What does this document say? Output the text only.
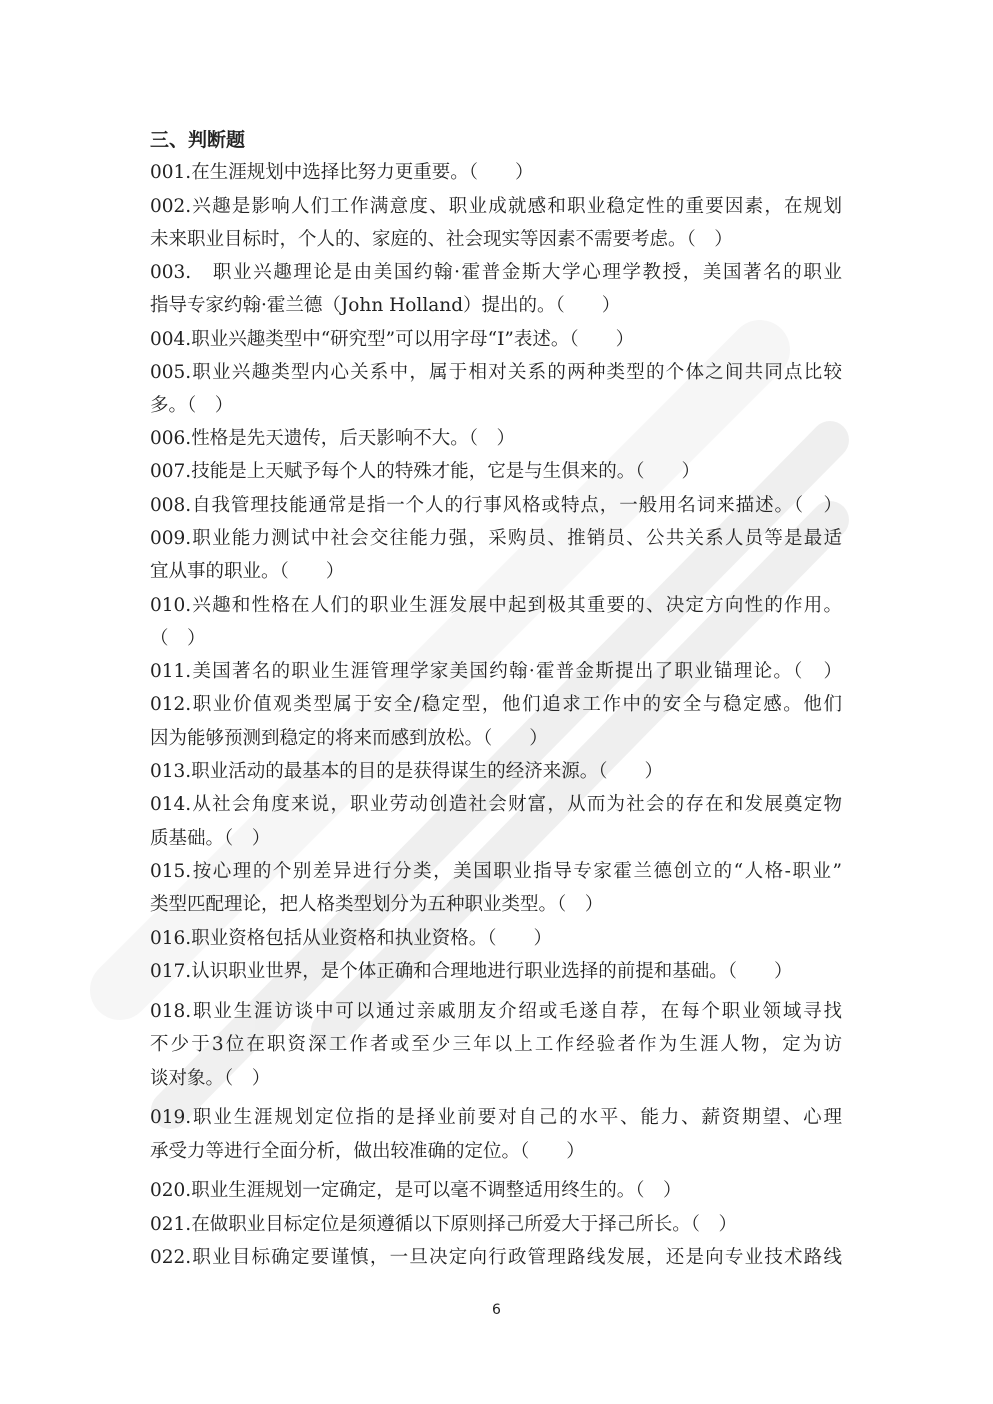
三、判断题
001.在生涯规划中选择比努力更重要。（　　）
002.兴趣是影响人们工作满意度、职业成就感和职业稳定性的重要因素，在规划
未来职业目标时，个人的、家庭的、社会现实等因素不需要考虑。（　）
003.　职业兴趣理论是由美国约翰·霍普金斯大学心理学教授，美国著名的职业
指导专家约翰·霍兰德（John Holland）提出的。（　　）
004.职业兴趣类型中“研究型”可以用字母“I”表述。（　　）
005.职业兴趣类型内心关系中，属于相对关系的两种类型的个体之间共同点比较
多。（　）
006.性格是先天遗传，后天影响不大。（　）
007.技能是上天赋予每个人的特殊才能，它是与生俱来的。（　　）
008.自我管理技能通常是指一个人的行事风格或特点，一般用名词来描述。（　）
009.职业能力测试中社会交往能力强，采购员、推销员、公共关系人员等是最适
宜从事的职业。（　　）
010.兴趣和性格在人们的职业生涯发展中起到极其重要的、决定方向性的作用。
（　）
011.美国著名的职业生涯管理学家美国约翰·霍普金斯提出了职业锚理论。（　）
012.职业价值观类型属于安全/稳定型，他们追求工作中的安全与稳定感。他们
因为能够预测到稳定的将来而感到放松。（　　）
013.职业活动的最基本的目的是获得谋生的经济来源。（　　）
014.从社会角度来说，职业劳动创造社会财富，从而为社会的存在和发展奠定物
质基础。（　）
015.按心理的个别差异进行分类，美国职业指导专家霍兰德创立的“人格-职业”
类型匹配理论，把人格类型划分为五种职业类型。（　）
016.职业资格包括从业资格和执业资格。（　　）
017.认识职业世界，是个体正确和合理地进行职业选择的前提和基础。（　　）
018.职业生涯访谈中可以通过亲戚朋友介绍或毛遂自荐，在每个职业领域寻找
不少于3位在职资深工作者或至少三年以上工作经验者作为生涯人物，定为访
谈对象。（　）
019.职业生涯规划定位指的是择业前要对自己的水平、能力、薪资期望、心理
承受力等进行全面分析，做出较准确的定位。（　　）
020.职业生涯规划一定确定，是可以毫不调整适用终生的。（　）
021.在做职业目标定位是须遵循以下原则择己所爱大于择己所长。（　）
022.职业目标确定要谨慎，一旦决定向行政管理路线发展，还是向专业技术路线
6
